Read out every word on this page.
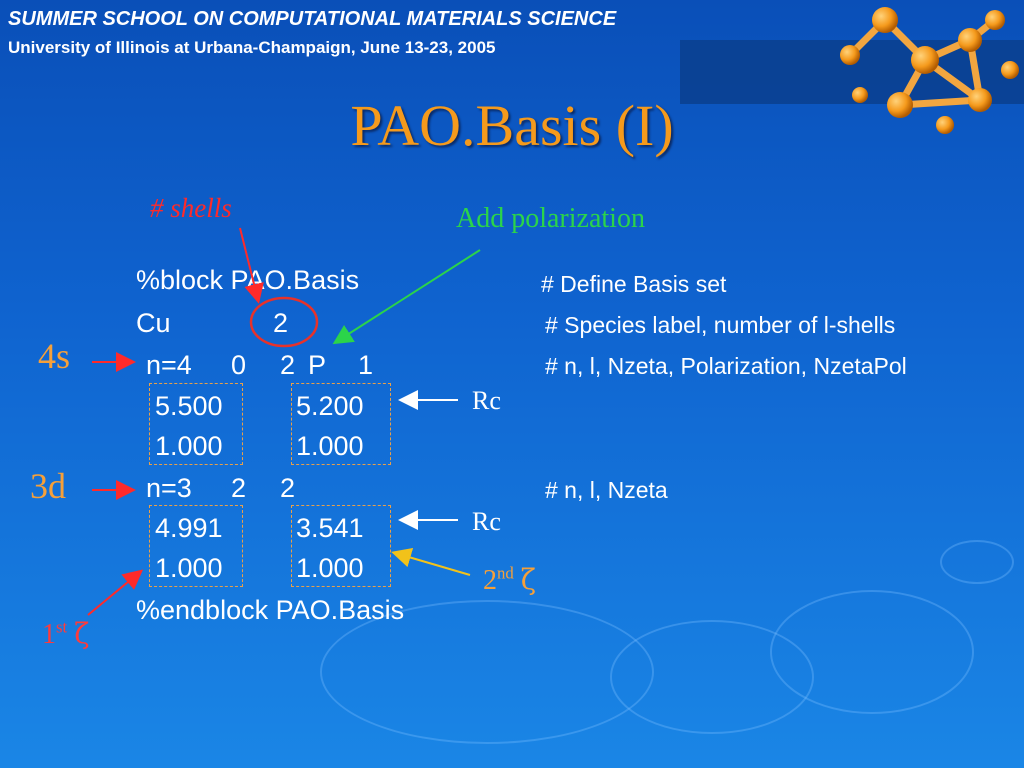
SUMMER SCHOOL ON COMPUTATIONAL MATERIALS SCIENCE
University of Illinois at Urbana-Champaign, June 13-23, 2005
PAO.Basis (I)
# shells	Add polarization
4s
3d
Rc
Rc
2nd ζ
1st ζ
%block PAO.Basis
Cu	2
n=4 0 2 P 1
5.500	5.200
1.000	1.000
n=3 2 2
4.991	3.541
1.000	1.000
%endblock PAO.Basis
# Define Basis set
# Species label, number of l-shells
# n, l, Nzeta, Polarization, NzetaPol
# n, l, Nzeta
